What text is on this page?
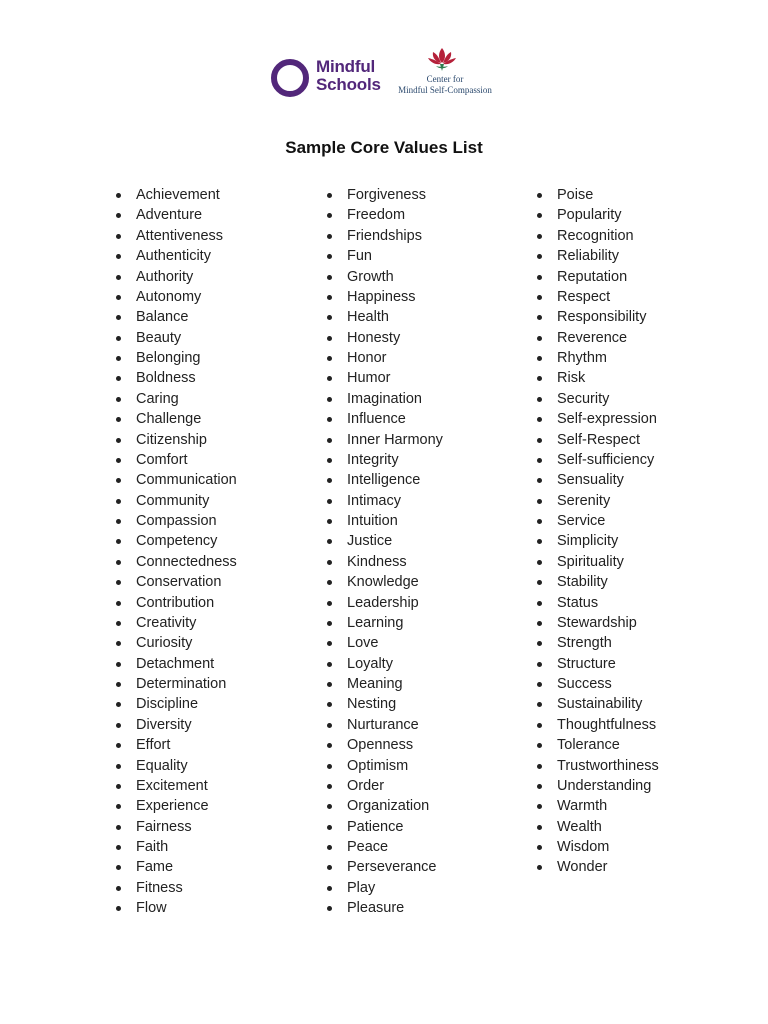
Mindful
Schools	Center for
Mindful Self-Compassion
Sample Core Values List
Achievement
Adventure
Attentiveness
Authenticity
Authority
Autonomy
Balance
Beauty
Belonging
Boldness
Caring
Challenge
Citizenship
Comfort
Communication
Community
Compassion
Competency
Connectedness
Conservation
Contribution
Creativity
Curiosity
Detachment
Determination
Discipline
Diversity
Effort
Equality
Excitement
Experience
Fairness
Faith
Fame
Fitness
Flow
Forgiveness
Freedom
Friendships
Fun
Growth
Happiness
Health
Honesty
Honor
Humor
Imagination
Influence
Inner Harmony
Integrity
Intelligence
Intimacy
Intuition
Justice
Kindness
Knowledge
Leadership
Learning
Love
Loyalty
Meaning
Nesting
Nurturance
Openness
Optimism
Order
Organization
Patience
Peace
Perseverance
Play
Pleasure
Poise
Popularity
Recognition
Reliability
Reputation
Respect
Responsibility
Reverence
Rhythm
Risk
Security
Self-expression
Self-Respect
Self-sufficiency
Sensuality
Serenity
Service
Simplicity
Spirituality
Stability
Status
Stewardship
Strength
Structure
Success
Sustainability
Thoughtfulness
Tolerance
Trustworthiness
Understanding
Warmth
Wealth
Wisdom
Wonder
